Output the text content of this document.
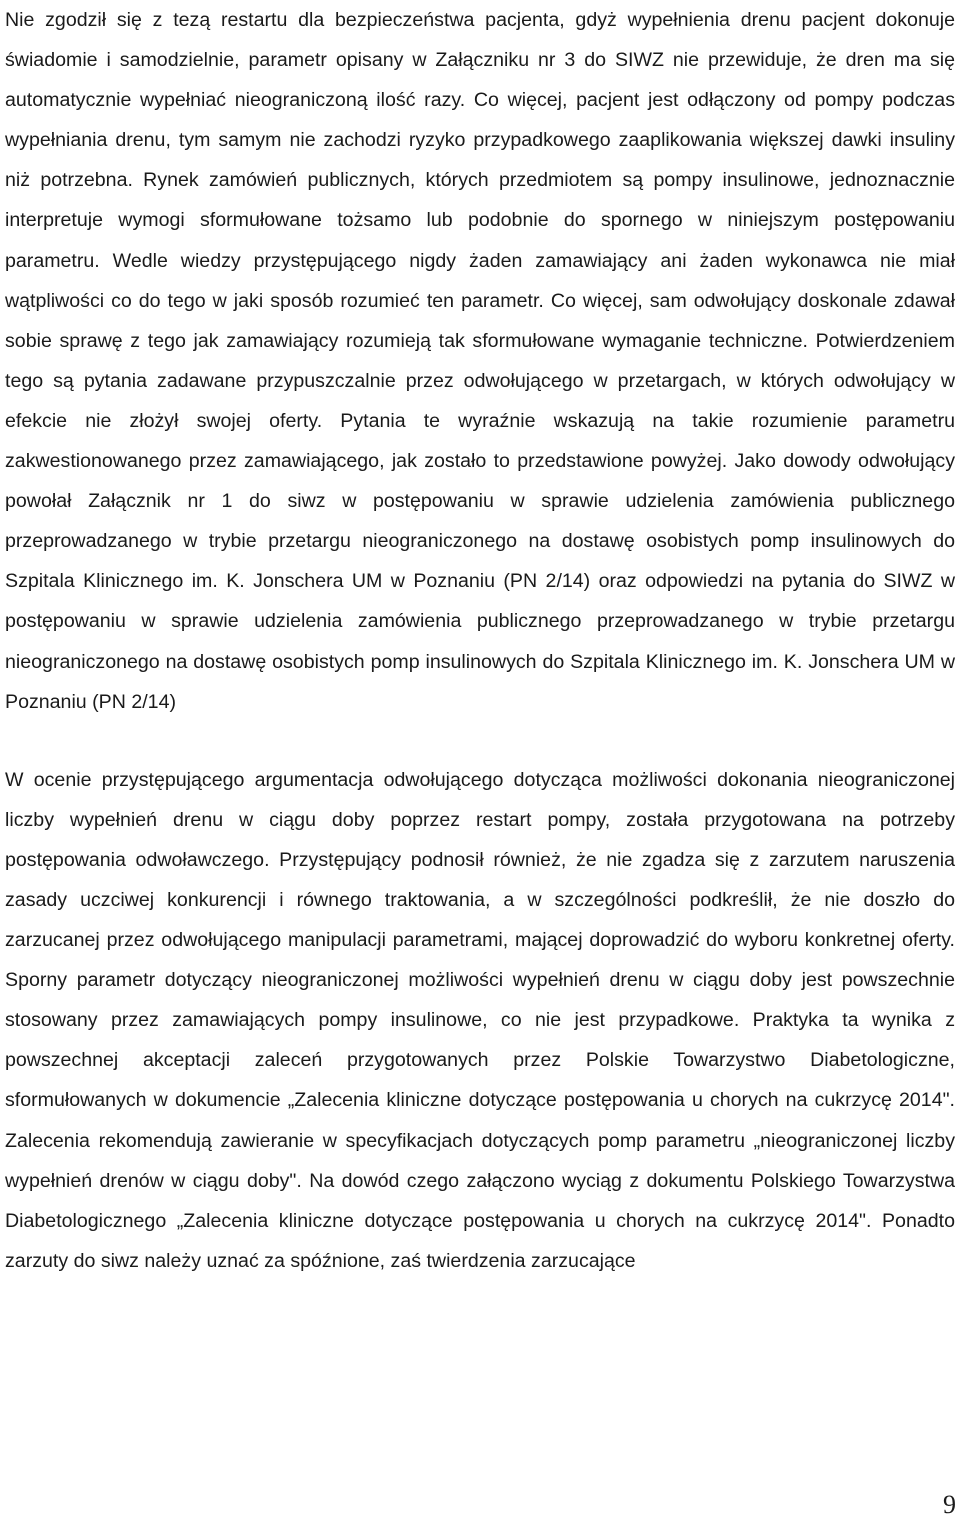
Nie zgodził się z tezą restartu dla bezpieczeństwa pacjenta, gdyż wypełnienia drenu pacjent dokonuje świadomie i samodzielnie, parametr opisany w Załączniku nr 3 do SIWZ nie przewiduje, że dren ma się automatycznie wypełniać nieograniczoną ilość razy. Co więcej, pacjent jest odłączony od pompy podczas wypełniania drenu, tym samym nie zachodzi ryzyko przypadkowego zaaplikowania większej dawki insuliny niż potrzebna. Rynek zamówień publicznych, których przedmiotem są pompy insulinowe, jednoznacznie interpretuje wymogi sformułowane tożsamo lub podobnie do spornego w niniejszym postępowaniu parametru. Wedle wiedzy przystępującego nigdy żaden zamawiający ani żaden wykonawca nie miał wątpliwości co do tego w jaki sposób rozumieć ten parametr. Co więcej, sam odwołujący doskonale zdawał sobie sprawę z tego jak zamawiający rozumieją tak sformułowane wymaganie techniczne. Potwierdzeniem tego są pytania zadawane przypuszczalnie przez odwołującego w przetargach, w których odwołujący w efekcie nie złożył swojej oferty. Pytania te wyraźnie wskazują na takie rozumienie parametru zakwestionowanego przez zamawiającego, jak zostało to przedstawione powyżej. Jako dowody odwołujący powołał Załącznik nr 1 do siwz w postępowaniu w sprawie udzielenia zamówienia publicznego przeprowadzanego w trybie przetargu nieograniczonego na dostawę osobistych pomp insulinowych do Szpitala Klinicznego im. K. Jonschera UM w Poznaniu (PN 2/14) oraz odpowiedzi na pytania do SIWZ w postępowaniu w sprawie udzielenia zamówienia publicznego przeprowadzanego w trybie przetargu nieograniczonego na dostawę osobistych pomp insulinowych do Szpitala Klinicznego im. K. Jonschera UM w Poznaniu (PN 2/14)

W ocenie przystępującego argumentacja odwołującego dotycząca możliwości dokonania nieograniczonej liczby wypełnień drenu w ciągu doby poprzez restart pompy, została przygotowana na potrzeby postępowania odwoławczego. Przystępujący podnosił również, że nie zgadza się z zarzutem naruszenia zasady uczciwej konkurencji i równego traktowania, a w szczególności podkreślił, że nie doszło do zarzucanej przez odwołującego manipulacji parametrami, mającej doprowadzić do wyboru konkretnej oferty. Sporny parametr dotyczący nieograniczonej możliwości wypełnień drenu w ciągu doby jest powszechnie stosowany przez zamawiających pompy insulinowe, co nie jest przypadkowe. Praktyka ta wynika z powszechnej akceptacji zaleceń przygotowanych przez Polskie Towarzystwo Diabetologiczne, sformułowanych w dokumencie „Zalecenia kliniczne dotyczące postępowania u chorych na cukrzycę 2014". Zalecenia rekomendują zawieranie w specyfikacjach dotyczących pomp parametru „nieograniczonej liczby wypełnień drenów w ciągu doby". Na dowód czego załączono wyciąg z dokumentu Polskiego Towarzystwa Diabetologicznego „Zalecenia kliniczne dotyczące postępowania u chorych na cukrzycę 2014". Ponadto zarzuty do siwz należy uznać za spóźnione, zaś twierdzenia zarzucające

9
